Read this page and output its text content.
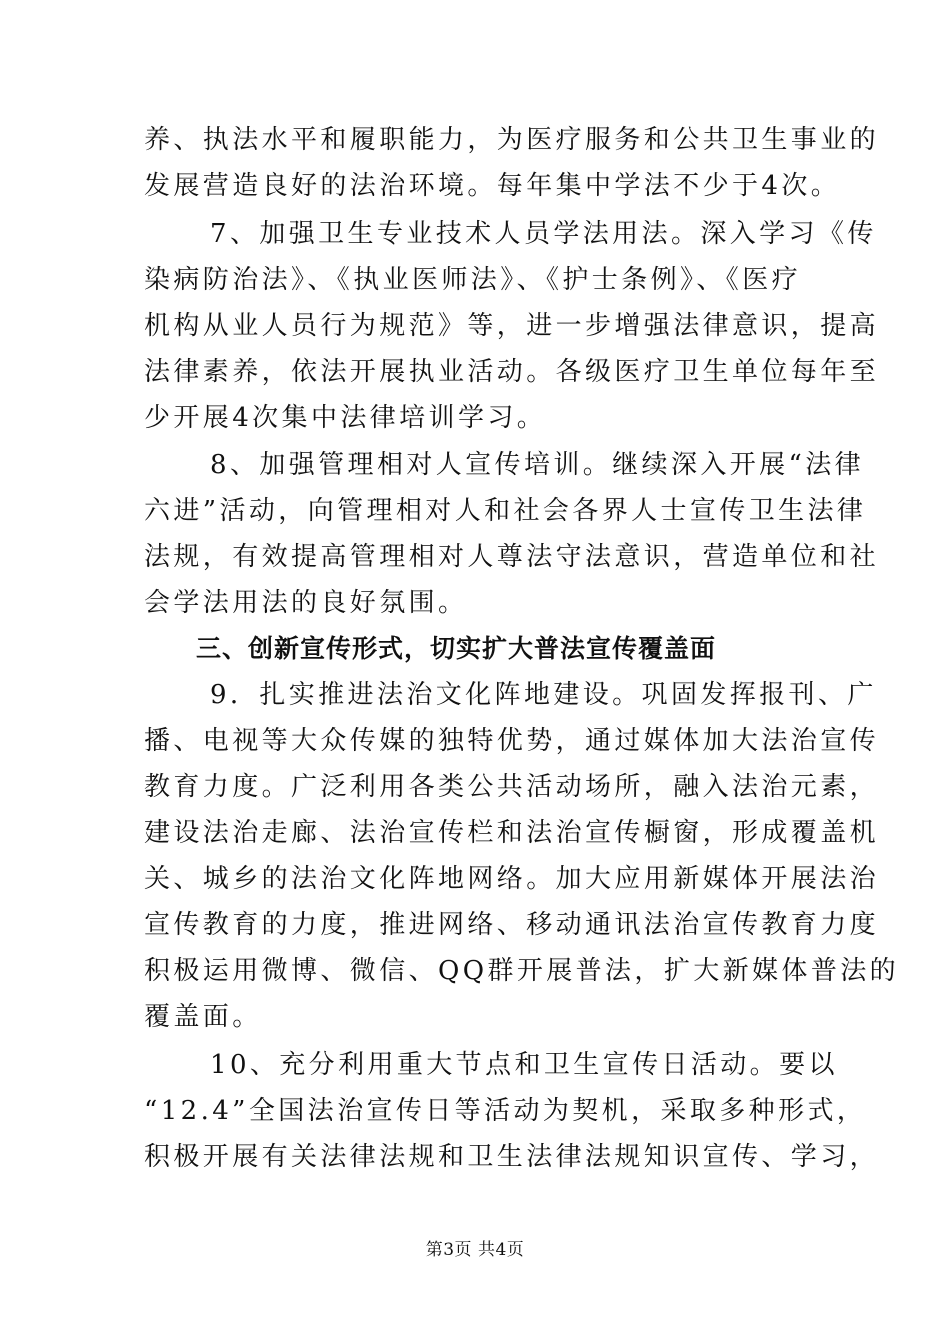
养、执法水平和履职能力，为医疗服务和公共卫生事业的
发展营造良好的法治环境。每年集中学法不少于4次。
7、加强卫生专业技术人员学法用法。深入学习《传
染病防治法》、《执业医师法》、《护士条例》、《医疗
机构从业人员行为规范》等，进一步增强法律意识，提高
法律素养，依法开展执业活动。各级医疗卫生单位每年至
少开展4次集中法律培训学习。
8、加强管理相对人宣传培训。继续深入开展“法律
六进”活动，向管理相对人和社会各界人士宣传卫生法律
法规，有效提高管理相对人尊法守法意识，营造单位和社
会学法用法的良好氛围。
三、创新宣传形式，切实扩大普法宣传覆盖面
9．扎实推进法治文化阵地建设。巩固发挥报刊、广
播、电视等大众传媒的独特优势，通过媒体加大法治宣传
教育力度。广泛利用各类公共活动场所，融入法治元素，
建设法治走廊、法治宣传栏和法治宣传橱窗，形成覆盖机
关、城乡的法治文化阵地网络。加大应用新媒体开展法治
宣传教育的力度，推进网络、移动通讯法治宣传教育力度
积极运用微博、微信、QQ群开展普法，扩大新媒体普法的
覆盖面。
10、充分利用重大节点和卫生宣传日活动。要以
“12.4”全国法治宣传日等活动为契机，采取多种形式，
积极开展有关法律法规和卫生法律法规知识宣传、学习，
第3页 共4页
